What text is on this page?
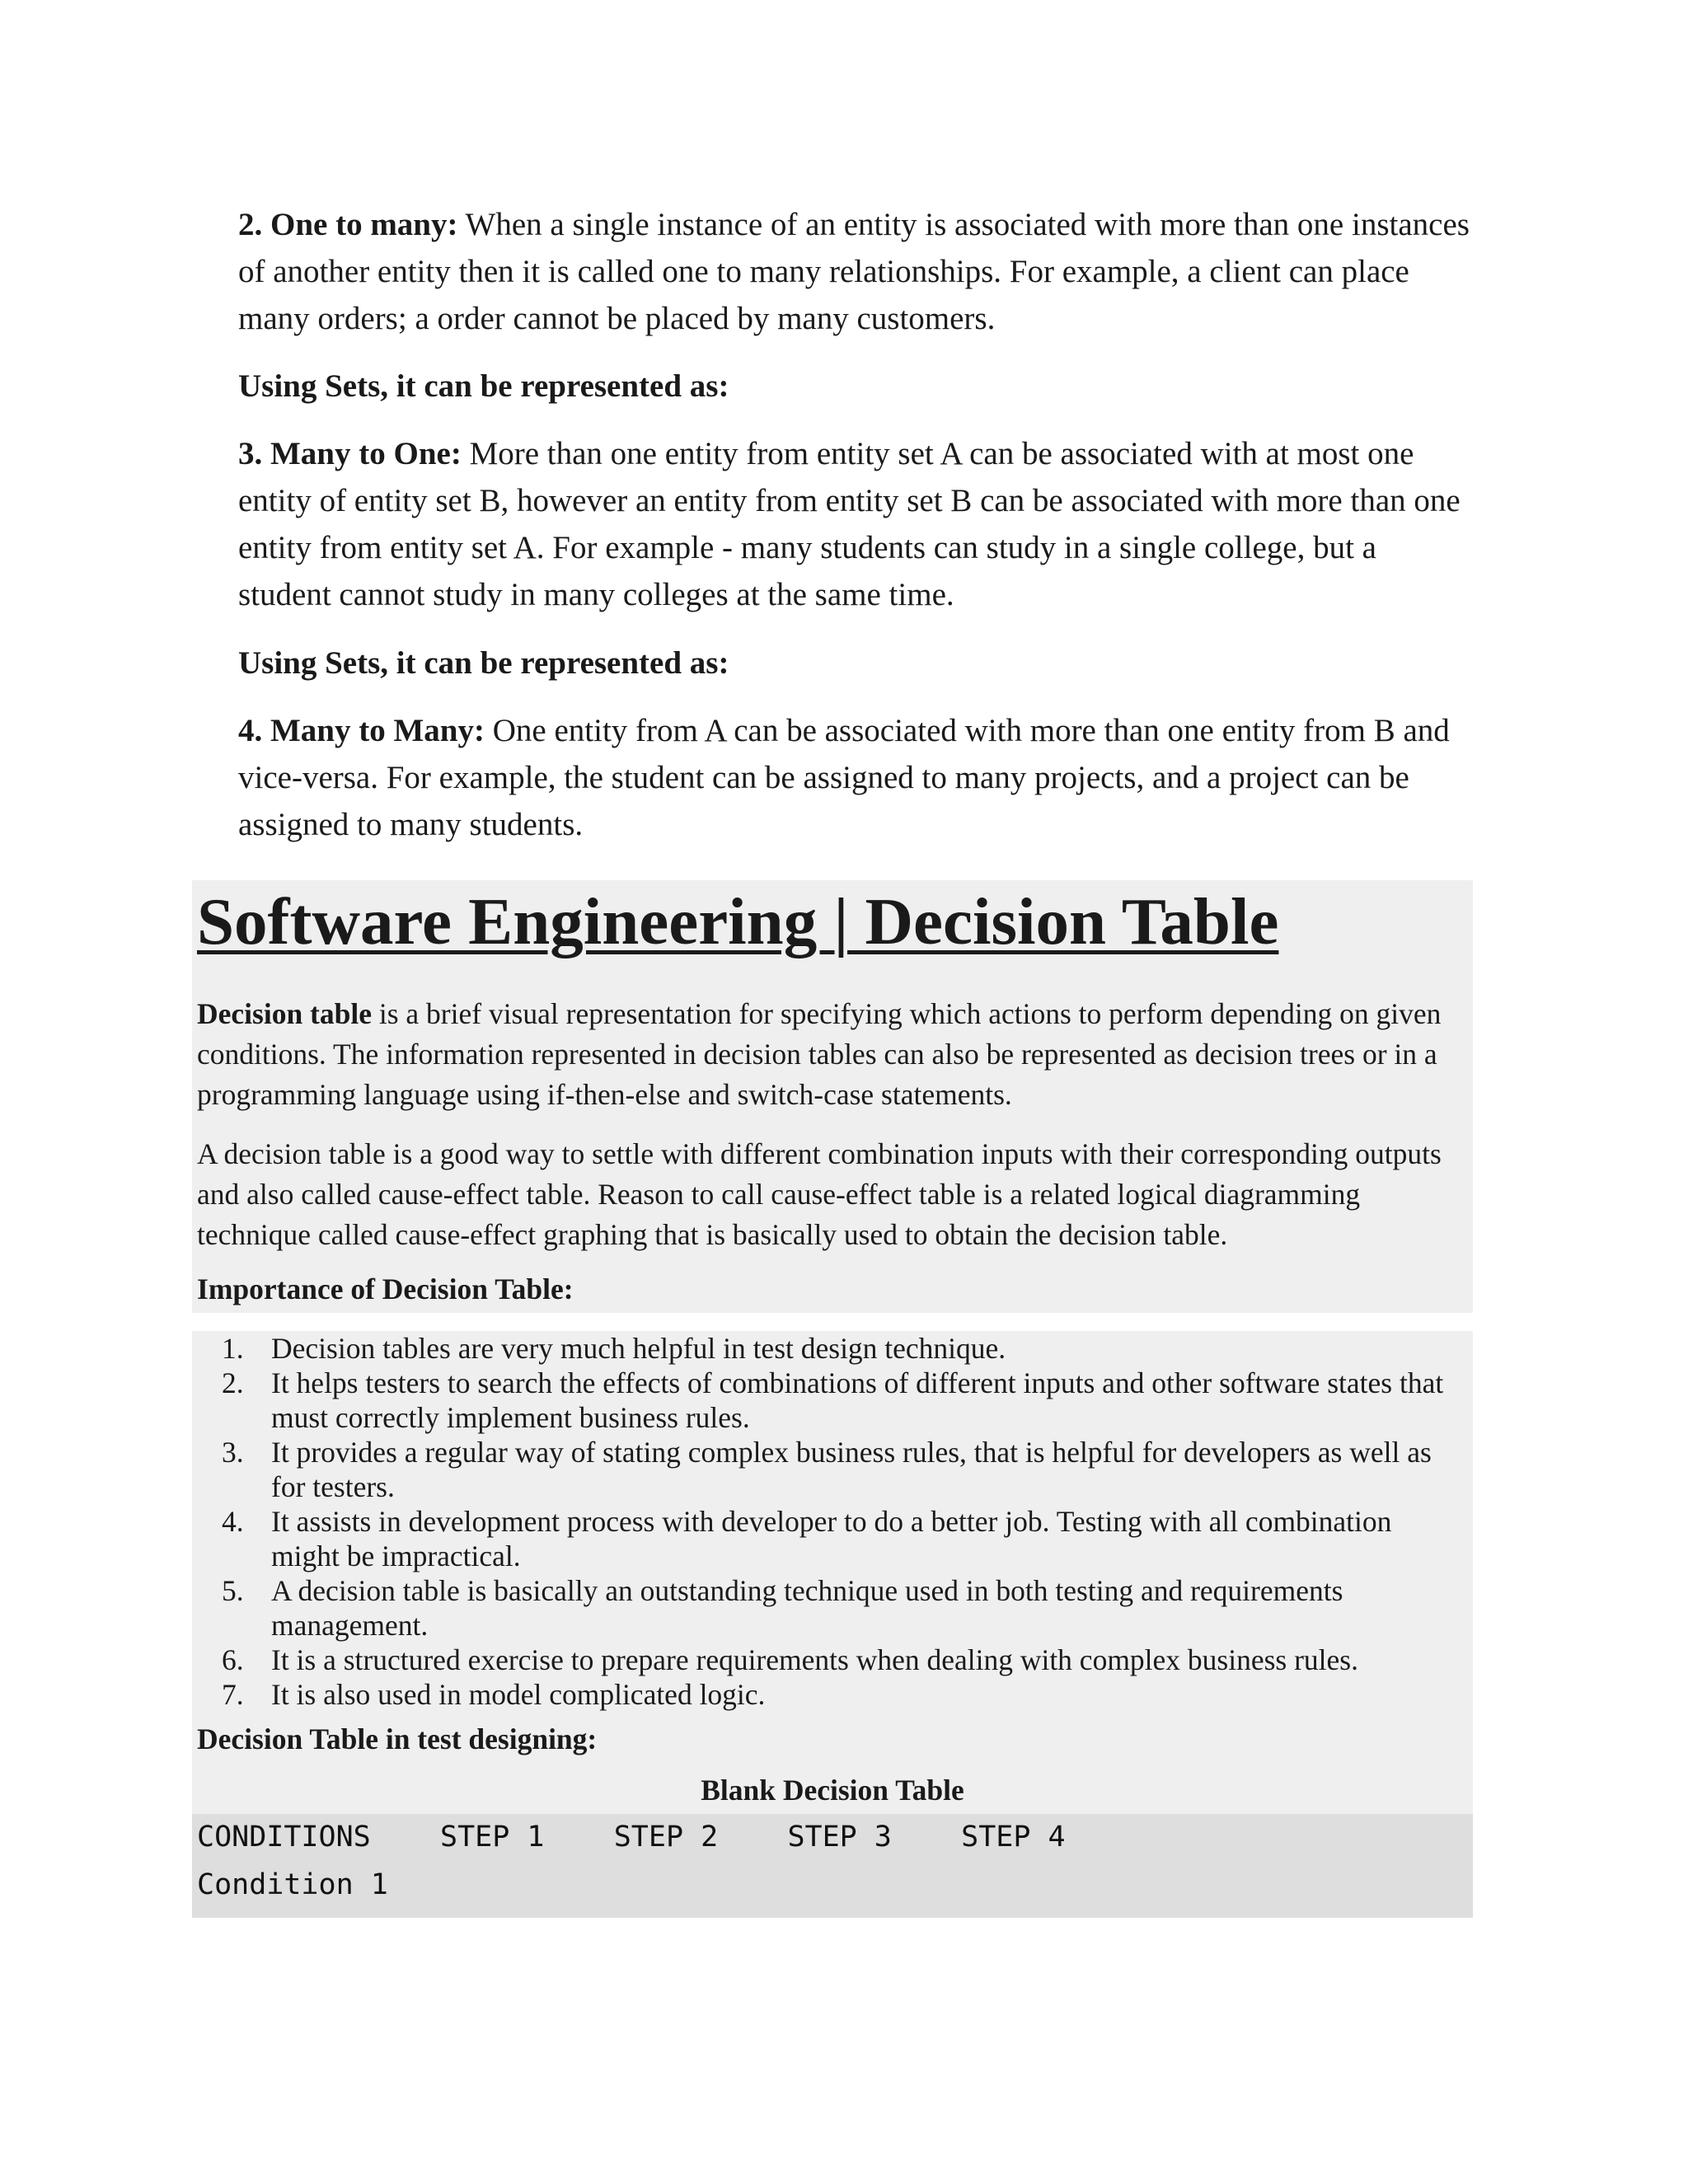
2. One to many: When a single instance of an entity is associated with more than one instances of another entity then it is called one to many relationships. For example, a client can place many orders; a order cannot be placed by many customers.

Using Sets, it can be represented as:

3. Many to One: More than one entity from entity set A can be associated with at most one entity of entity set B, however an entity from entity set B can be associated with more than one entity from entity set A. For example - many students can study in a single college, but a student cannot study in many colleges at the same time.

Using Sets, it can be represented as:

4. Many to Many: One entity from A can be associated with more than one entity from B and vice-versa. For example, the student can be assigned to many projects, and a project can be assigned to many students.

Software Engineering | Decision Table

Decision table is a brief visual representation for specifying which actions to perform depending on given conditions. The information represented in decision tables can also be represented as decision trees or in a programming language using if-then-else and switch-case statements.

A decision table is a good way to settle with different combination inputs with their corresponding outputs and also called cause-effect table. Reason to call cause-effect table is a related logical diagramming technique called cause-effect graphing that is basically used to obtain the decision table.

Importance of Decision Table:

1. Decision tables are very much helpful in test design technique.
2. It helps testers to search the effects of combinations of different inputs and other software states that must correctly implement business rules.
3. It provides a regular way of stating complex business rules, that is helpful for developers as well as for testers.
4. It assists in development process with developer to do a better job. Testing with all combination might be impractical.
5. A decision table is basically an outstanding technique used in both testing and requirements management.
6. It is a structured exercise to prepare requirements when dealing with complex business rules.
7. It is also used in model complicated logic.

Decision Table in test designing:

Blank Decision Table

CONDITIONS    STEP 1    STEP 2    STEP 3    STEP 4

Condition 1
